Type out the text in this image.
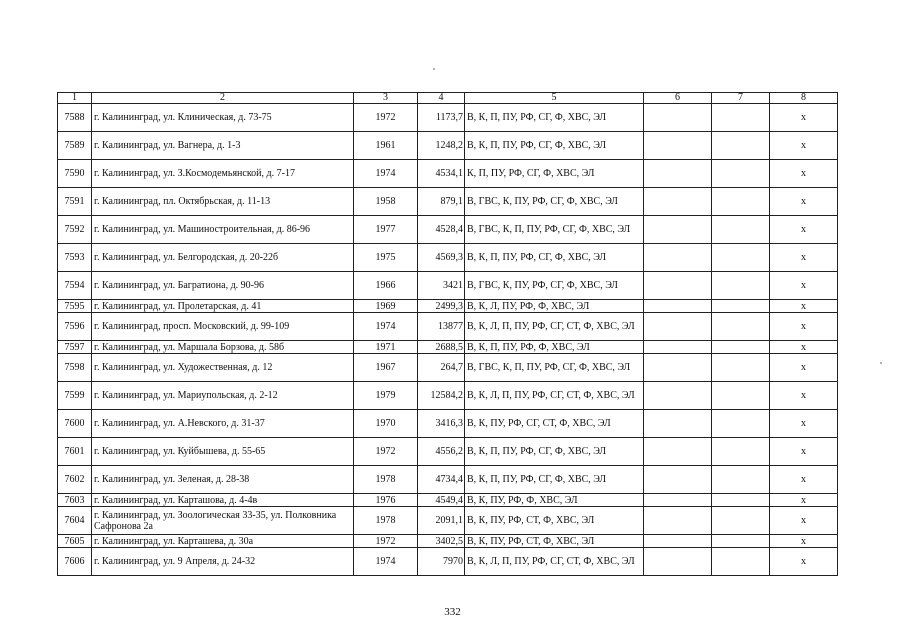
1	2	3	4	5	6	7	8
7588	г. Калининград, ул. Клиническая, д. 73-75	1972	1173,7	В, К, П, ПУ, РФ, СГ, Ф, ХВС, ЭЛ			х
7589	г. Калининград, ул. Вагнера, д. 1-3	1961	1248,2	В, К, П, ПУ, РФ, СГ, Ф, ХВС, ЭЛ			х
7590	г. Калининград, ул. З.Космодемьянской, д. 7-17	1974	4534,1	К, П, ПУ, РФ, СГ, Ф, ХВС, ЭЛ			х
7591	г. Калининград, пл. Октябрьская, д. 11-13	1958	879,1	В, ГВС, К, ПУ, РФ, СГ, Ф, ХВС, ЭЛ			х
7592	г. Калининград, ул. Машиностроительная, д. 86-96	1977	4528,4	В, ГВС, К, П, ПУ, РФ, СГ, Ф, ХВС, ЭЛ			х
7593	г. Калининград, ул. Белгородская, д. 20-22б	1975	4569,3	В, К, П, ПУ, РФ, СГ, Ф, ХВС, ЭЛ			х
7594	г. Калининград, ул. Багратиона, д. 90-96	1966	3421	В, ГВС, К, ПУ, РФ, СГ, Ф, ХВС, ЭЛ			х
7595	г. Калининград, ул. Пролетарская, д. 41	1969	2499,3	В, К, Л, ПУ, РФ, Ф, ХВС, ЭЛ			х
7596	г. Калининград, просп. Московский, д. 99-109	1974	13877	В, К, Л, П, ПУ, РФ, СГ, СТ, Ф, ХВС, ЭЛ			х
7597	г. Калининград, ул. Маршала Борзова, д. 58б	1971	2688,5	В, К, П, ПУ, РФ, Ф, ХВС, ЭЛ			х
7598	г. Калининград, ул. Художественная, д. 12	1967	264,7	В, ГВС, К, П, ПУ, РФ, СГ, Ф, ХВС, ЭЛ			х
7599	г. Калининград, ул. Мариупольская, д. 2-12	1979	12584,2	В, К, Л, П, ПУ, РФ, СГ, СТ, Ф, ХВС, ЭЛ			х
7600	г. Калининград, ул. А.Невского, д. 31-37	1970	3416,3	В, К, ПУ, РФ, СГ, СТ, Ф, ХВС, ЭЛ			х
7601	г. Калининград, ул. Куйбышева, д. 55-65	1972	4556,2	В, К, П, ПУ, РФ, СГ, Ф, ХВС, ЭЛ			х
7602	г. Калининград, ул. Зеленая, д. 28-38	1978	4734,4	В, К, П, ПУ, РФ, СГ, Ф, ХВС, ЭЛ			х
7603	г. Калининград, ул. Карташова, д. 4-4в	1976	4549,4	В, К, ПУ, РФ, Ф, ХВС, ЭЛ			х
7604	г. Калининград, ул. Зоологическая 33-35, ул. Полковника Сафронова 2а	1978	2091,1	В, К, ПУ, РФ, СТ, Ф, ХВС, ЭЛ			х
7605	г. Калининград, ул. Карташева, д. 30а	1972	3402,5	В, К, ПУ, РФ, СТ, Ф, ХВС, ЭЛ			х
7606	г. Калининград, ул. 9 Апреля, д. 24-32	1974	7970	В, К, Л, П, ПУ, РФ, СГ, СТ, Ф, ХВС, ЭЛ			х
332
